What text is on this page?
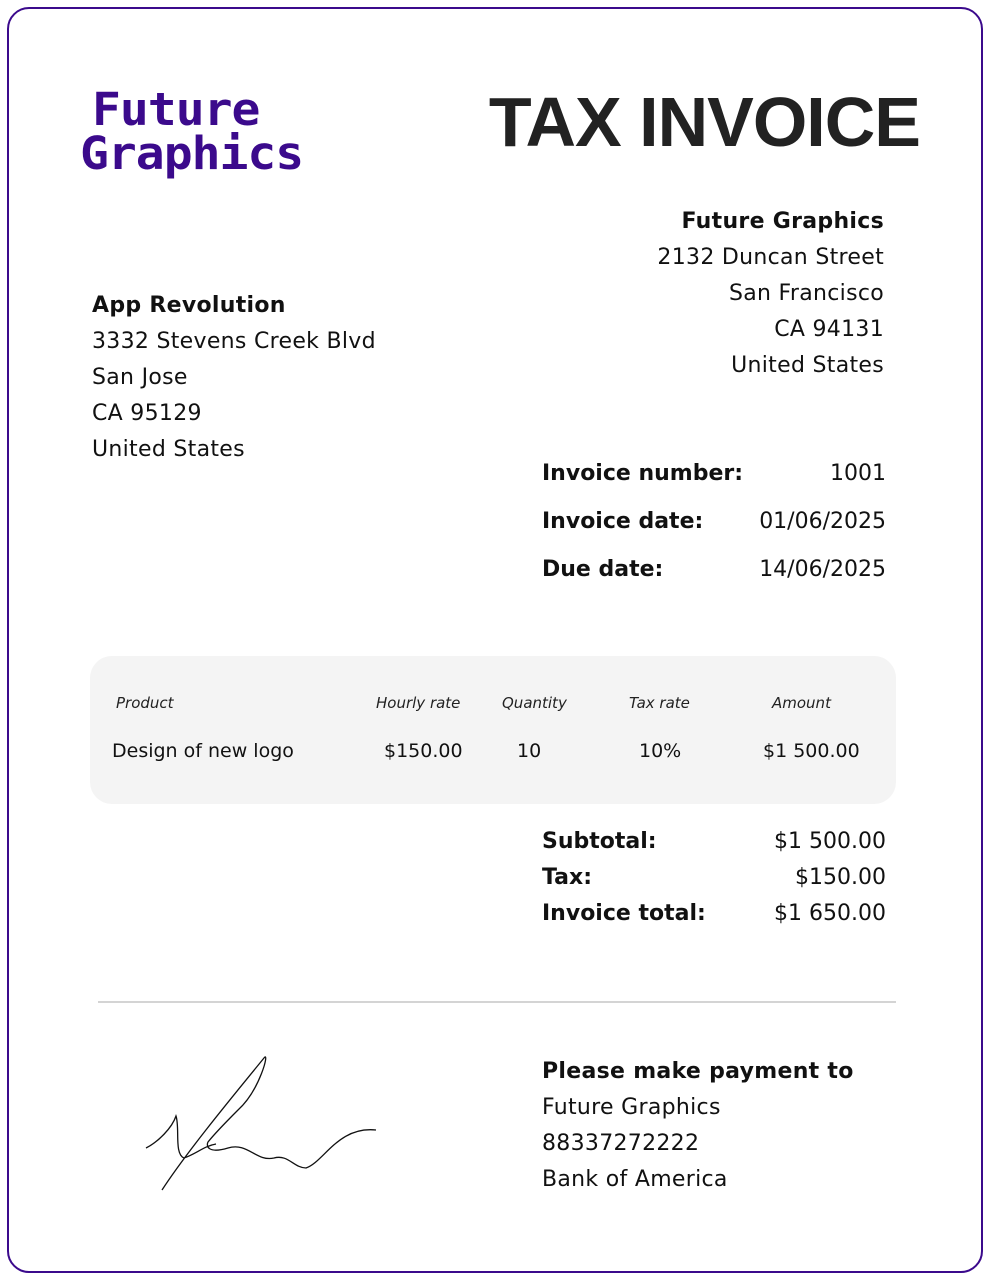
Future
Graphics	TAX INVOICE
Future Graphics
2132 Duncan Street
San Francisco
CA 94131
United States
App Revolution
3332 Stevens Creek Blvd
San Jose
CA 95129
United States
Invoice number:	1001
Invoice date:	01/06/2025
Due date:	14/06/2025
Product	Hourly rate	Quantity	Tax rate	Amount
Design of new logo	$150.00	10	10%	$1 500.00
Subtotal:	$1 500.00
Tax:	$150.00
Invoice total:	$1 650.00
Please make payment to
Future Graphics
88337272222
Bank of America
